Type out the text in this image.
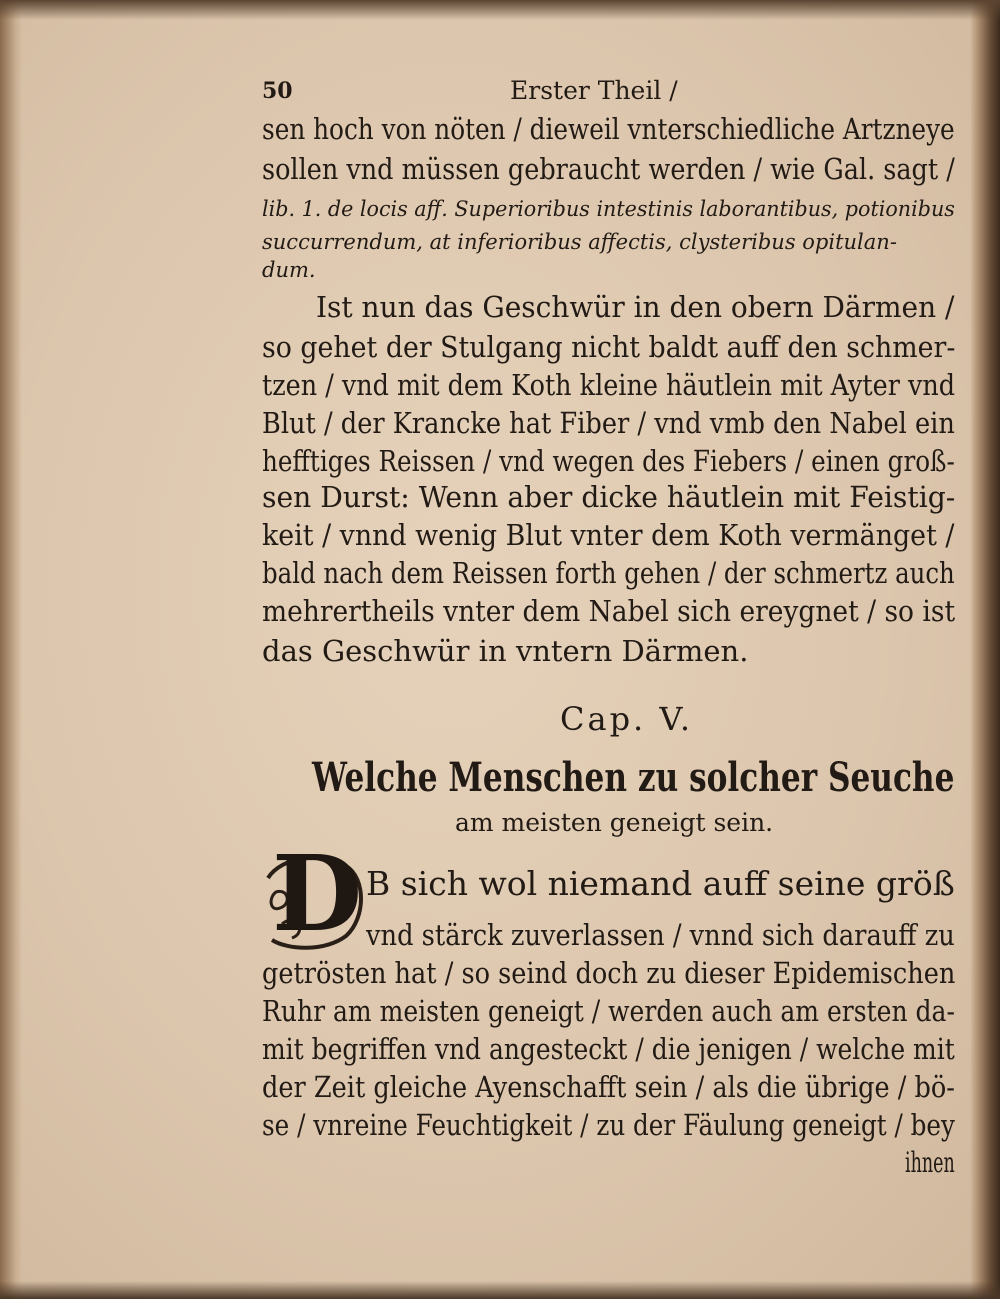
50	Erster Theil /
sen hoch von nöten / dieweil vnterschiedliche Artzneye
sollen vnd müssen gebraucht werden / wie Gal. sagt /
lib. 1. de locis aff. Superioribus intestinis laborantibus, potionibus
succurrendum, at inferioribus affectis, clysteribus opitulan-
dum.
Ist nun das Geschwür in den obern Därmen /
so gehet der Stulgang nicht baldt auff den schmer-
tzen / vnd mit dem Koth kleine häutlein mit Ayter vnd
Blut / der Krancke hat Fiber / vnd vmb den Nabel ein
hefftiges Reissen / vnd wegen des Fiebers / einen groß-
sen Durst: Wenn aber dicke häutlein mit Feistig-
keit / vnnd wenig Blut vnter dem Koth vermänget /
bald nach dem Reissen forth gehen / der schmertz auch
mehrertheils vnter dem Nabel sich ereygnet / so ist
das Geschwür in vntern Därmen.
Cap. V.
Welche Menschen zu solcher Seuche
am meisten geneigt sein.
D B sich wol niemand auff seine größ
vnd stärck zuverlassen / vnnd sich darauff zu
getrösten hat / so seind doch zu dieser Epidemischen
Ruhr am meisten geneigt / werden auch am ersten da-
mit begriffen vnd angesteckt / die jenigen / welche mit
der Zeit gleiche Ayenschafft sein / als die übrige / bö-
se / vnreine Feuchtigkeit / zu der Fäulung geneigt / bey
ihnen
